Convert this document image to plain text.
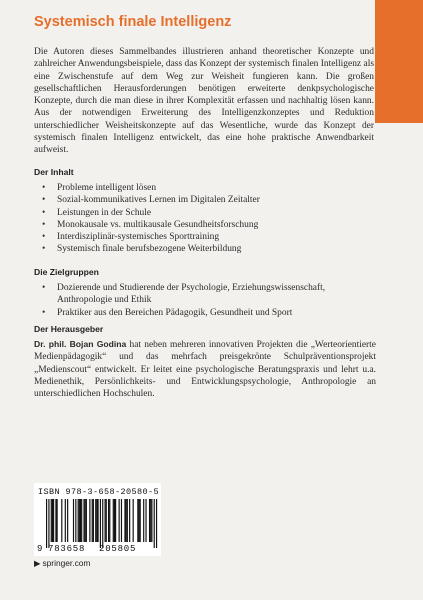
Systemisch finale Intelligenz

Die Autoren dieses Sammelbandes illustrieren anhand theoretischer Konzepte und zahlreicher Anwendungsbeispiele, dass das Konzept der systemisch finalen Intelligenz als eine Zwischenstufe auf dem Weg zur Weisheit fungieren kann. Die großen gesellschaftlichen Herausforderungen benötigen erweiterte denkpsychologische Konzepte, durch die man diese in ihrer Komplexität erfassen und nachhaltig lösen kann. Aus der notwendigen Erweiterung des Intelligenzkonzeptes und Reduktion unterschiedlicher Weisheitskonzepte auf das Wesentliche, wurde das Konzept der systemisch finalen Intelligenz entwickelt, das eine hohe praktische Anwendbarkeit aufweist.

Der Inhalt
• Probleme intelligent lösen
• Sozial-kommunikatives Lernen im Digitalen Zeitalter
• Leistungen in der Schule
• Monokausale vs. multikausale Gesundheitsforschung
• Interdisziplinär-systemisches Sporttraining
• Systemisch finale berufsbezogene Weiterbildung
Die Zielgruppen
• Dozierende und Studierende der Psychologie, Erziehungswissenschaft, Anthropologie und Ethik
• Praktiker aus den Bereichen Pädagogik, Gesundheit und Sport
Der Herausgeber

Dr. phil. Bojan Godina hat neben mehreren innovativen Projekten die „Werteorientierte Medienpädagogik“ und das mehrfach preisgekrönte Schulpräventionsprojekt „Medienscout“ entwickelt. Er leitet eine psychologische Beratungspraxis und lehrt u.a. Medienethik, Persönlichkeits- und Entwicklungspsychologie, Anthropologie an unterschiedlichen Hochschulen.

ISBN 978-3-658-20580-5
9 783658 205805
▶ springer.com
